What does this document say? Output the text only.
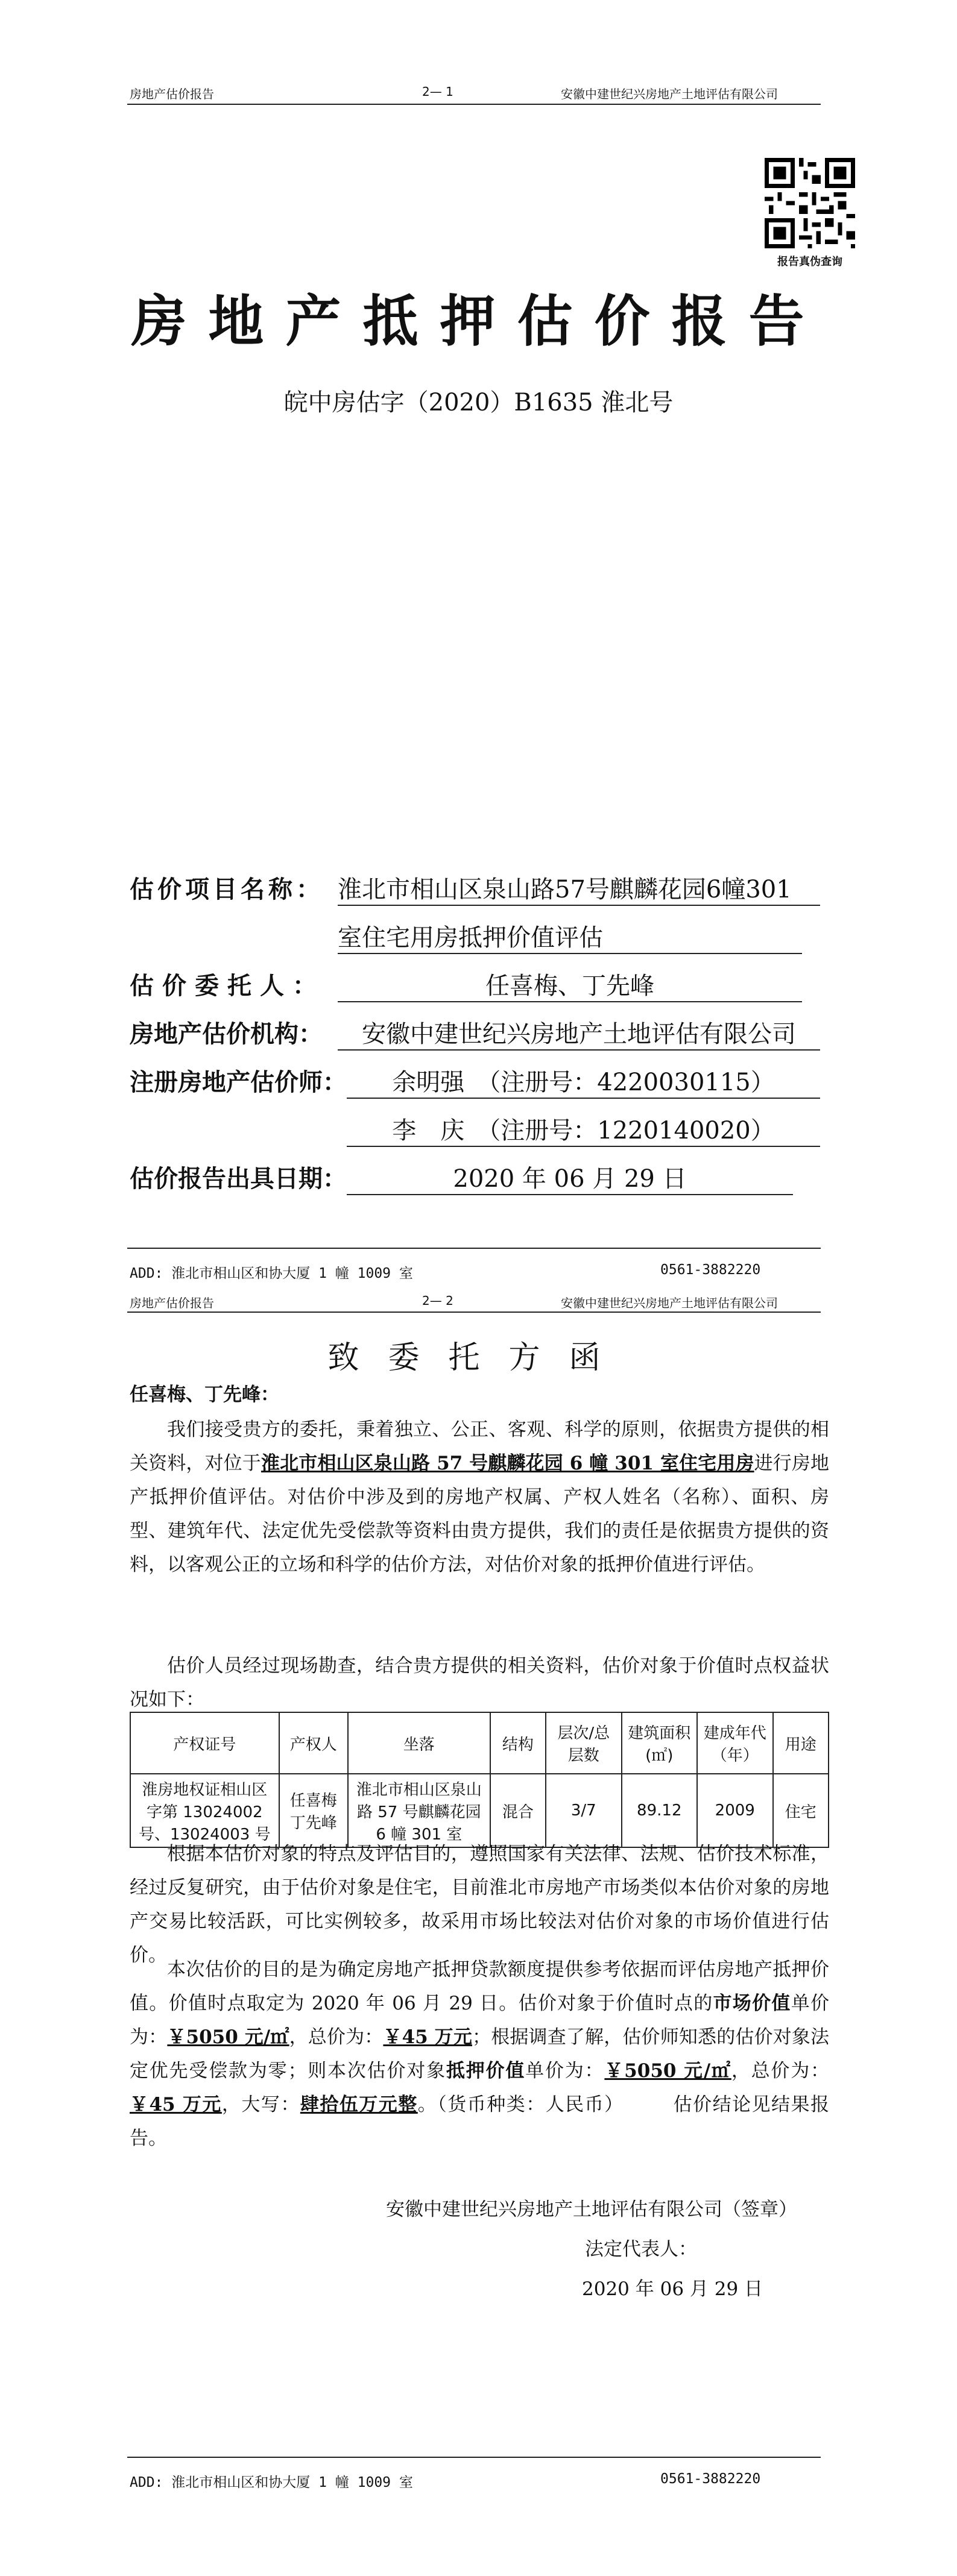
房地产估价报告	2— 1	安徽中建世纪兴房地产土地评估有限公司
报告真伪查询
房地产抵押估价报告
皖中房估字（2020）B1635 淮北号
估价项目名称： 淮北市相山区泉山路57号麒麟花园6幢301
室住宅用房抵押价值评估
估价委托人：	任喜梅、丁先峰
房地产估价机构：	安徽中建世纪兴房地产土地评估有限公司
注册房地产估价师：	余明强　（注册号：4220030115）
李　庆　（注册号：1220140020）
估价报告出具日期：	2020 年 06 月 29 日
ADD: 淮北市相山区和协大厦 1 幢 1009 室	0561-3882220
房地产估价报告	2— 2	安徽中建世纪兴房地产土地评估有限公司
致委托方函
任喜梅、丁先峰：
我们接受贵方的委托，秉着独立、公正、客观、科学的原则，依据贵方提供的相关资料，对位于淮北市相山区泉山路 57 号麒麟花园 6 幢 301 室住宅用房进行房地产抵押价值评估。对估价中涉及到的房地产权属、产权人姓名（名称）、面积、房型、建筑年代、法定优先受偿款等资料由贵方提供，我们的责任是依据贵方提供的资料，以客观公正的立场和科学的估价方法，对估价对象的抵押价值进行评估。
估价人员经过现场勘查，结合贵方提供的相关资料，估价对象于价值时点权益状况如下：
产权证号	产权人	坐落	结构	层次/总层数	建筑面积(㎡)	建成年代（年）	用途
淮房地权证相山区字第 13024002 号、13024003 号	任喜梅丁先峰	淮北市相山区泉山路 57 号麒麟花园 6 幢 301 室	混合	3/7	89.12	2009	住宅
根据本估价对象的特点及评估目的，遵照国家有关法律、法规、估价技术标准，经过反复研究，由于估价对象是住宅，目前淮北市房地产市场类似本估价对象的房地产交易比较活跃，可比实例较多，故采用市场比较法对估价对象的市场价值进行估价。
本次估价的目的是为确定房地产抵押贷款额度提供参考依据而评估房地产抵押价值。价值时点取定为 2020 年 06 月 29 日。估价对象于价值时点的市场价值单价为：￥5050 元/㎡，总价为：￥45 万元；根据调查了解，估价师知悉的估价对象法定优先受偿款为零；则本次估价对象抵押价值单价为：￥5050 元/㎡，总价为：￥45 万元，大写：肆拾伍万元整。（货币种类：人民币）　　　估价结论见结果报告。
安徽中建世纪兴房地产土地评估有限公司（签章）
法定代表人：
2020 年 06 月 29 日
ADD: 淮北市相山区和协大厦 1 幢 1009 室	0561-3882220
